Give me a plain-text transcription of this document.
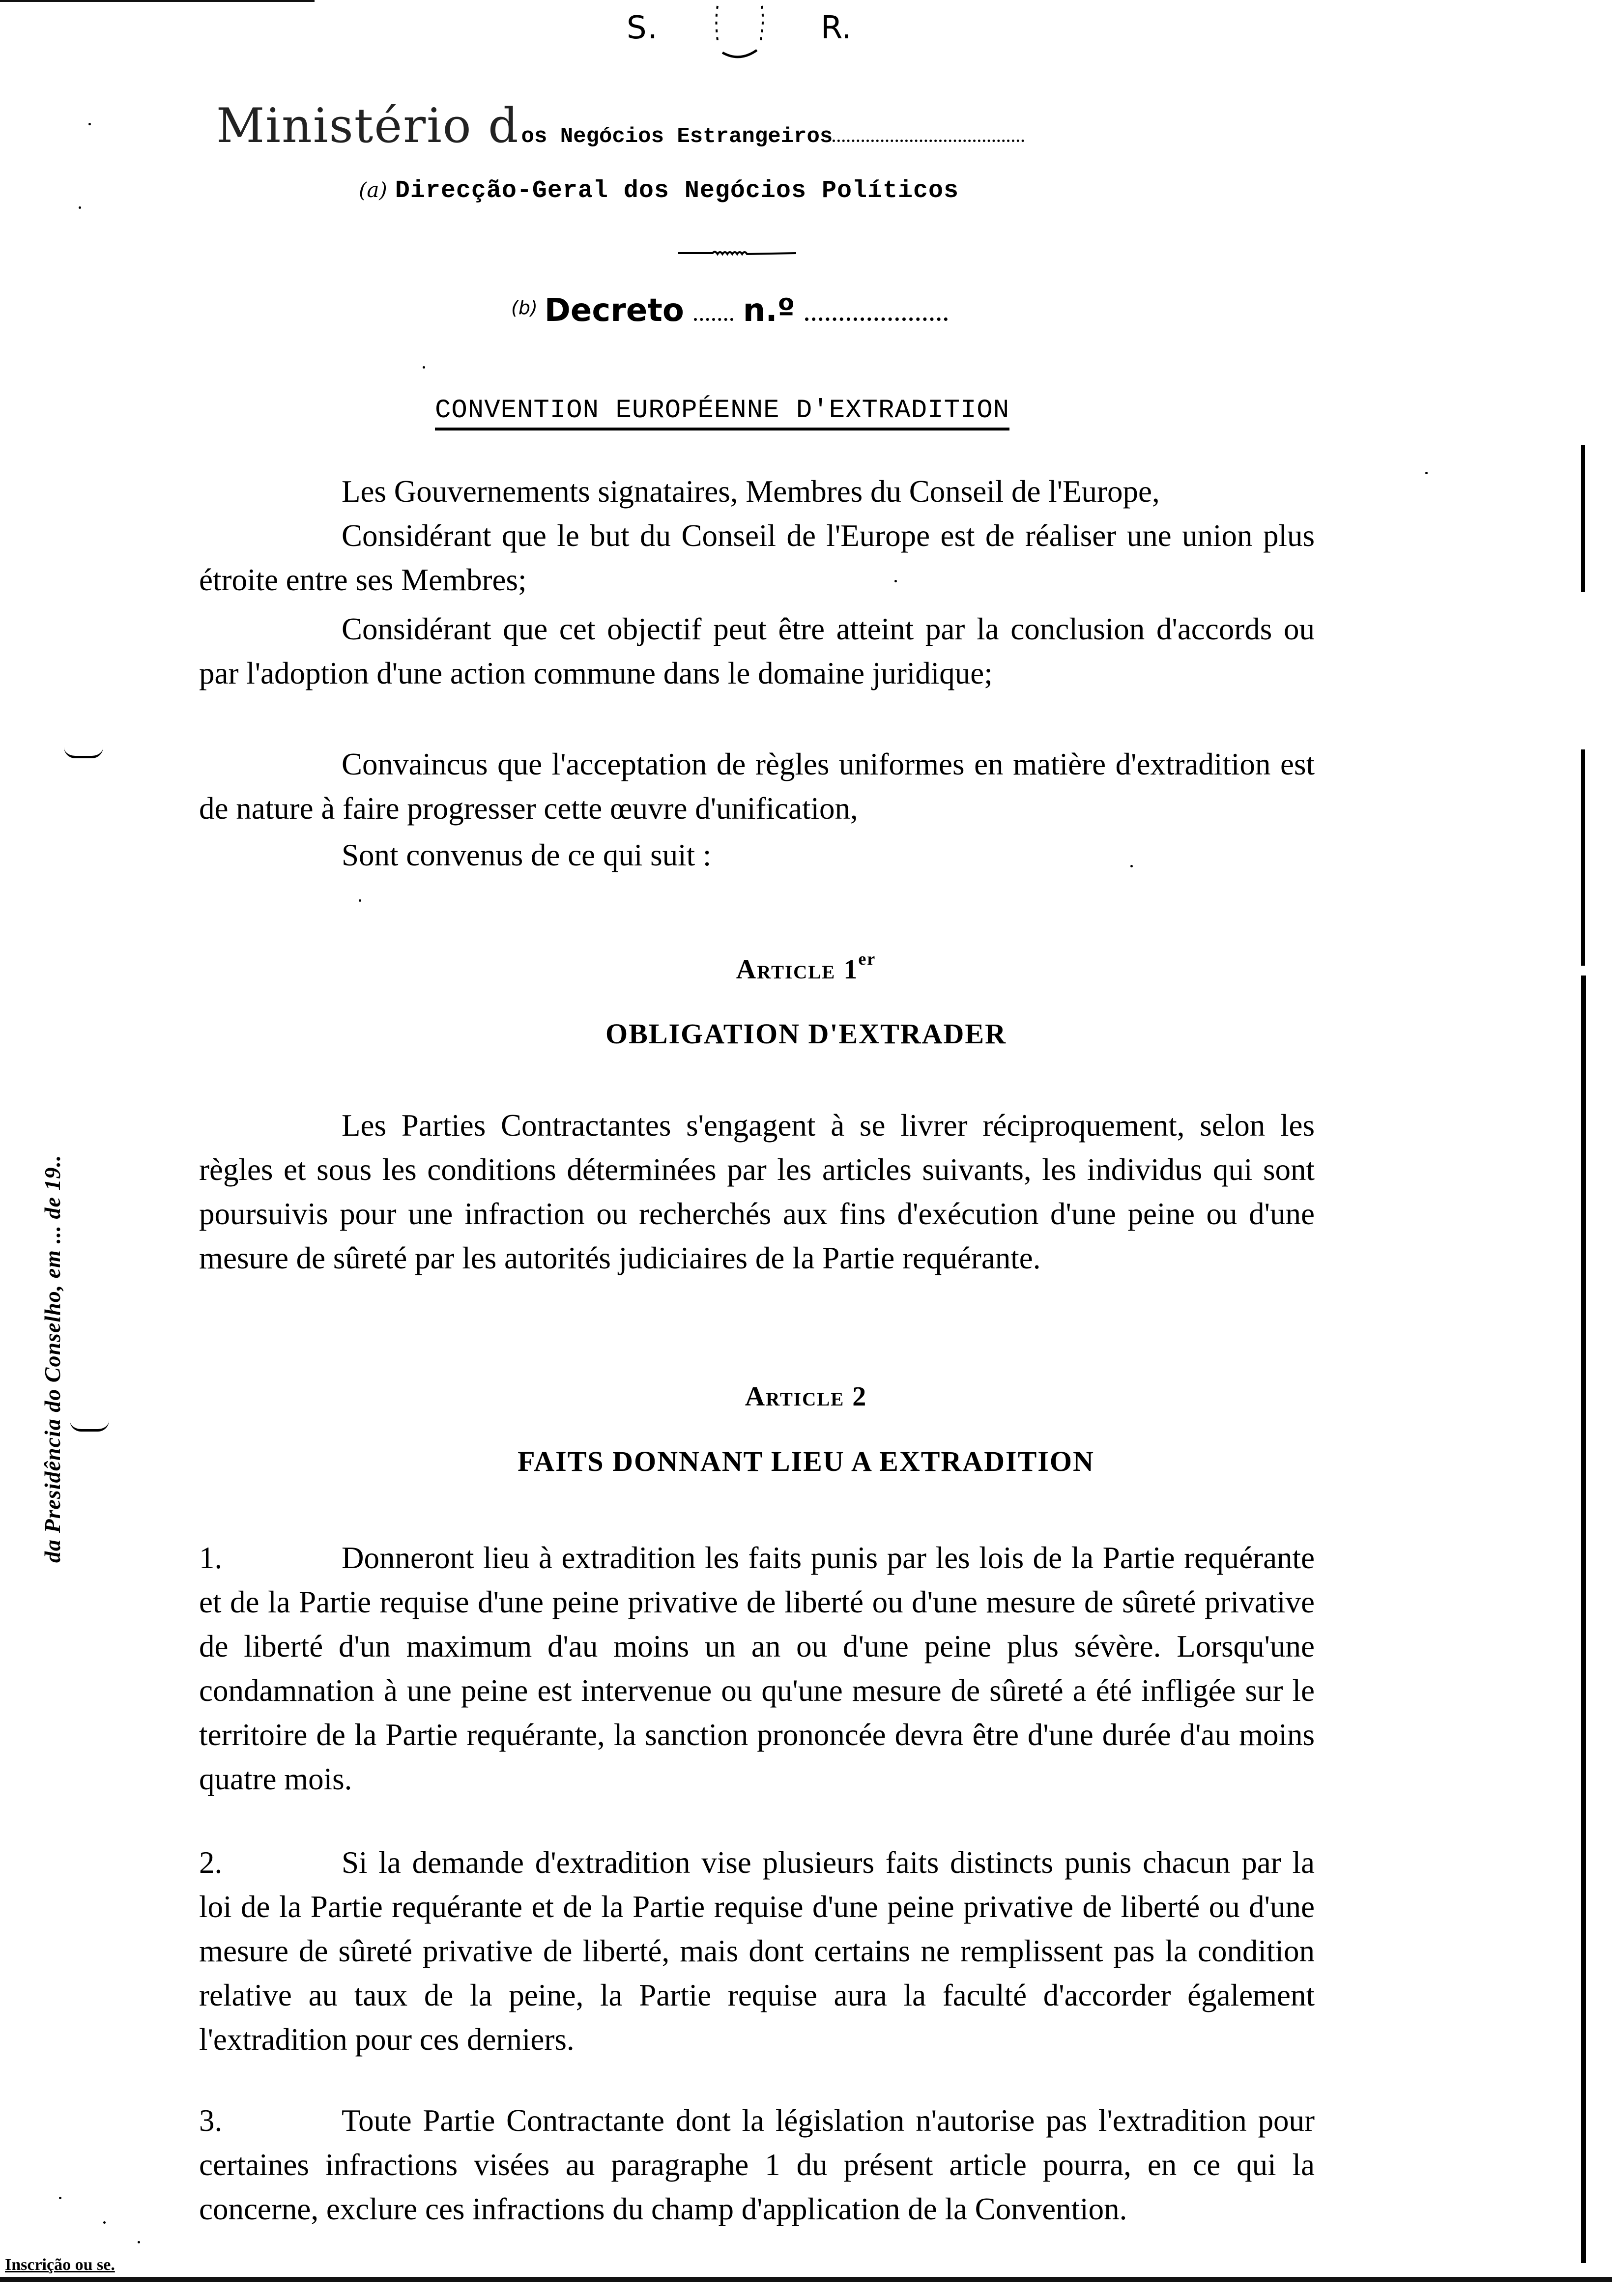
S.	R.
Ministério dos Negócios Estrangeiros
(a) Direcção-Geral dos Negócios Políticos
$^{(b)}$ Decreto n.º
CONVENTION EUROPÉENNE D'EXTRADITION
Les Gouvernements signataires, Membres du Conseil de l'Europe,
Considérant que le but du Conseil de l'Europe est de réaliser une union plus étroite entre ses Membres;
Considérant que cet objectif peut être atteint par la conclusion d'accords ou par l'adoption d'une action commune dans le domaine juridique;
Convaincus que l'acceptation de règles uniformes en matière d'extradition est de nature à faire progresser cette œuvre d'unification,
Sont convenus de ce qui suit :
Article 1er
OBLIGATION D'EXTRADER
Les Parties Contractantes s'engagent à se livrer réciproquement, selon les règles et sous les conditions déterminées par les articles suivants, les individus qui sont poursuivis pour une infraction ou recherchés aux fins d'exécution d'une peine ou d'une mesure de sûreté par les autorités judiciaires de la Partie requérante.
Article 2
FAITS DONNANT LIEU A EXTRADITION
1.	Donneront lieu à extradition les faits punis par les lois de la Partie requérante et de la Partie requise d'une peine privative de liberté ou d'une mesure de sûreté privative de liberté d'un maximum d'au moins un an ou d'une peine plus sévère. Lorsqu'une condamnation à une peine est intervenue ou qu'une mesure de sûreté a été infligée sur le territoire de la Partie requérante, la sanction prononcée devra être d'une durée d'au moins quatre mois.
2.	Si la demande d'extradition vise plusieurs faits distincts punis chacun par la loi de la Partie requérante et de la Partie requise d'une peine privative de liberté ou d'une mesure de sûreté privative de liberté, mais dont certains ne remplissent pas la condition relative au taux de la peine, la Partie requise aura la faculté d'accorder également l'extradition pour ces derniers.
3.	Toute Partie Contractante dont la législation n'autorise pas l'extradition pour certaines infractions visées au paragraphe 1 du présent article pourra, en ce qui la concerne, exclure ces infractions du champ d'application de la Convention.
da Presidência do Conselho, em ... de 19..
Inscrição ou se.
